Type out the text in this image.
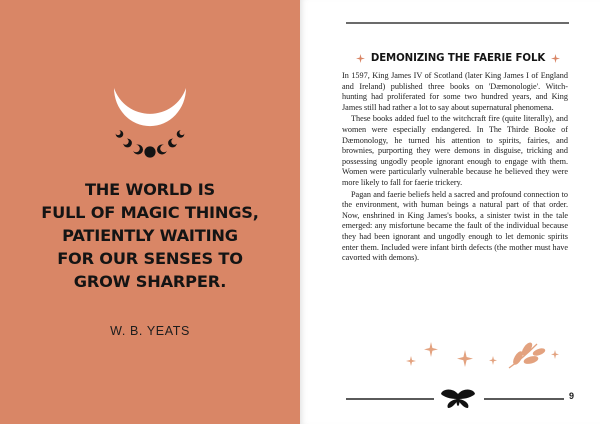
THE WORLD IS
FULL OF MAGIC THINGS,
PATIENTLY WAITING
FOR OUR SENSES TO
GROW SHARPER.
W. B. YEATS
DEMONIZING THE FAERIE FOLK

In 1597, King James IV of Scotland (later King James I of England and Ireland) published three books on 'Dæmonologie'. Witch-hunting had proliferated for some two hundred years, and King James still had rather a lot to say about supernatural phenomena.

These books added fuel to the witchcraft fire (quite literally), and women were especially endangered. In The Thirde Booke of Dæmonology, he turned his attention to spirits, fairies, and brownies, purporting they were demons in disguise, tricking and possessing ungodly people ignorant enough to engage with them. Women were particularly vulnerable because he believed they were more likely to fall for faerie trickery.

Pagan and faerie beliefs held a sacred and profound connection to the environment, with human beings a natural part of that order. Now, enshrined in King James's books, a sinister twist in the tale emerged: any misfortune became the fault of the individual because they had been ignorant and ungodly enough to let demonic spirits enter them. Included were infant birth defects (the mother must have cavorted with demons).

9
